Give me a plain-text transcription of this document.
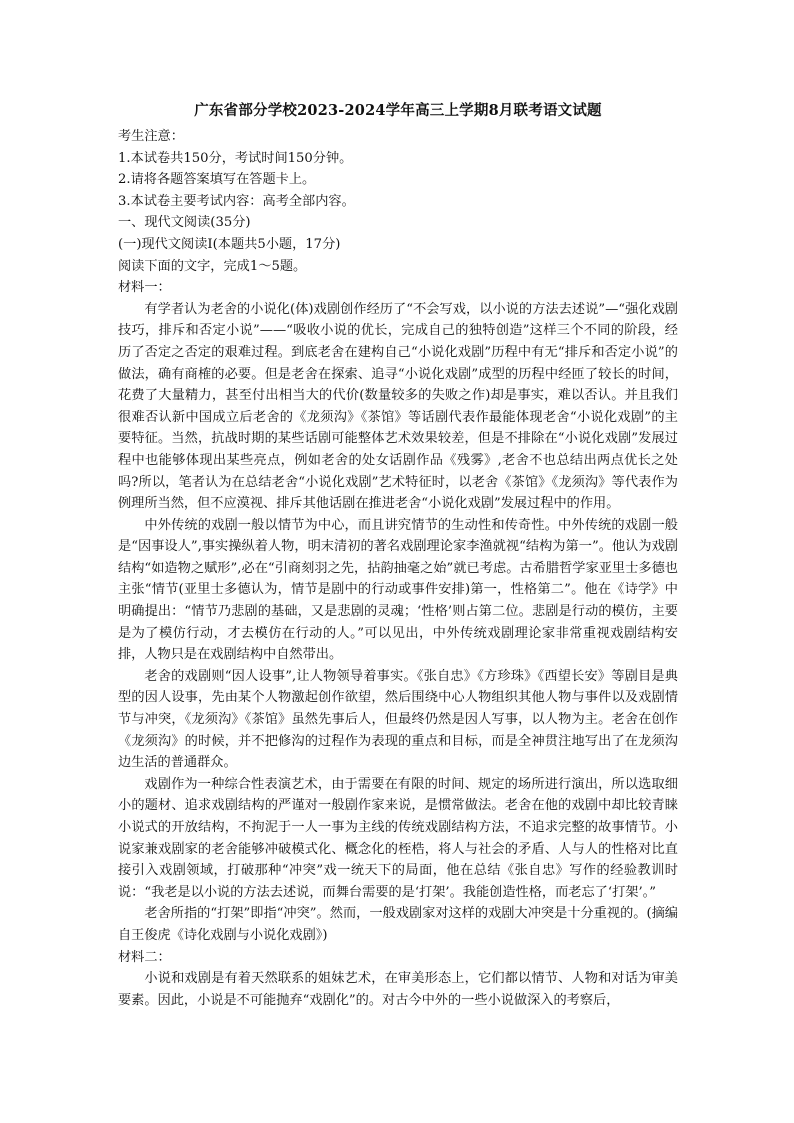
广东省部分学校2023-2024学年高三上学期8月联考语文试题

考生注意：

1.本试卷共150分，考试时间150分钟。

2.请将各题答案填写在答题卡上。

3.本试卷主要考试内容：高考全部内容。

一、现代文阅读(35分)

(一)现代文阅读Ⅰ(本题共5小题，17分)

阅读下面的文字，完成1～5题。

材料一：

有学者认为老舍的小说化(体)戏剧创作经历了“不会写戏，以小说的方法去述说”—“强化戏剧技巧，排斥和否定小说”——“吸收小说的优长，完成自己的独特创造”这样三个不同的阶段，经历了否定之否定的艰难过程。到底老舍在建构自己“小说化戏剧”历程中有无“排斥和否定小说”的做法，确有商榷的必要。但是老舍在探索、追寻“小说化戏剧”成型的历程中经匝了较长的时间，花费了大量精力，甚至付出相当大的代价(数量较多的失败之作)却是事实，难以否认。并且我们很难否认新中国成立后老舍的《龙须沟》《茶馆》等话剧代表作最能体现老舍“小说化戏剧”的主要特征。当然，抗战时期的某些话剧可能整体艺术效果较差，但是不排除在“小说化戏剧”发展过程中也能够体现出某些亮点，例如老舍的处女话剧作品《残雾》,老舍不也总结出两点优长之处吗?所以，笔者认为在总结老舍“小说化戏剧”艺术特征时，以老舍《茶馆》《龙须沟》等代表作为例理所当然，但不应漠视、排斥其他话剧在推进老舍“小说化戏剧”发展过程中的作用。

中外传统的戏剧一般以情节为中心，而且讲究情节的生动性和传奇性。中外传统的戏剧一般是“因事设人”,事实操纵着人物，明末清初的著名戏剧理论家李渔就视“结构为第一”。他认为戏剧结构“如造物之赋形”,必在“引商刻羽之先，拈韵抽毫之始”就已考虑。古希腊哲学家亚里士多德也主张“情节(亚里士多德认为，情节是剧中的行动或事件安排)第一，性格第二”。他在《诗学》中明确提出：“情节乃悲剧的基础，又是悲剧的灵魂；‘性格’则占第二位。悲剧是行动的模仿，主要是为了模仿行动，才去模仿在行动的人。”可以见出，中外传统戏剧理论家非常重视戏剧结构安排，人物只是在戏剧结构中自然带出。

老舍的戏剧则“因人设事”,让人物领导着事实。《张自忠》《方珍珠》《西望长安》等剧目是典型的因人设事，先由某个人物激起创作欲望，然后围绕中心人物组织其他人物与事件以及戏剧情节与冲突，《龙须沟》《茶馆》虽然先事后人，但最终仍然是因人写事，以人物为主。老舍在创作《龙须沟》的时候，并不把修沟的过程作为表现的重点和目标，而是全神贯注地写出了在龙须沟边生活的普通群众。

戏剧作为一种综合性表演艺术，由于需要在有限的时间、规定的场所进行演出，所以选取细小的题材、追求戏剧结构的严谨对一般剧作家来说，是惯常做法。老舍在他的戏剧中却比较青睐小说式的开放结构，不拘泥于一人一事为主线的传统戏剧结构方法，不追求完整的故事情节。小说家兼戏剧家的老舍能够冲破模式化、概念化的桎梏，将人与社会的矛盾、人与人的性格对比直接引入戏剧领域，打破那种“冲突”戏一统天下的局面，他在总结《张自忠》写作的经验教训时说：“我老是以小说的方法去述说，而舞台需要的是‘打架’。我能创造性格，而老忘了‘打架’。”

老舍所指的“打架”即指“冲突”。然而，一般戏剧家对这样的戏剧大冲突是十分重视的。(摘编自王俊虎《诗化戏剧与小说化戏剧》)

材料二：

小说和戏剧是有着天然联系的姐妹艺术，在审美形态上，它们都以情节、人物和对话为审美要素。因此，小说是不可能抛弃“戏剧化”的。对古今中外的一些小说做深入的考察后，
